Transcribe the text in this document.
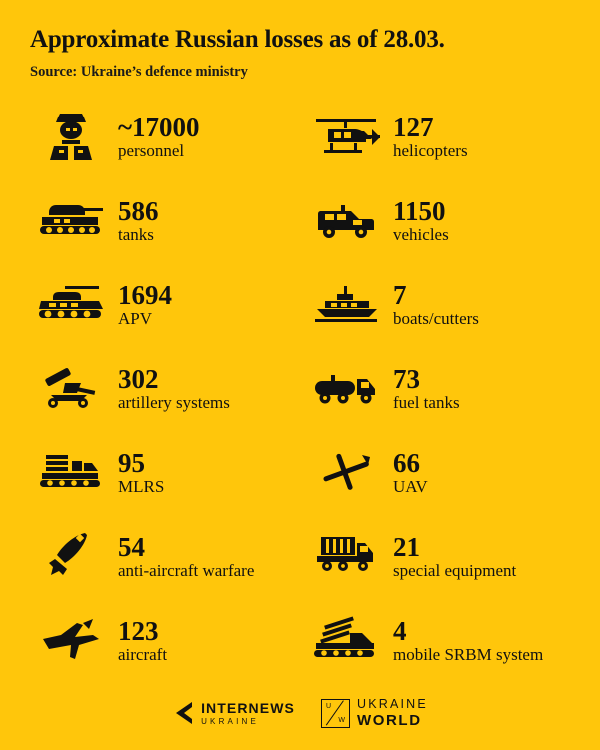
Approximate Russian losses as of 28.03.
Source: Ukraine’s defence ministry
~17000
personnel
127
helicopters
586
tanks
1150
vehicles
1694
APV
7
boats/cutters
302
artillery systems
73
fuel tanks
95
MLRS
66
UAV
54
anti-aircraft warfare
21
special equipment
123
aircraft
4
mobile SRBM system
INTERNEWS
UKRAINE
U
W
UKRAINE
WORLD
